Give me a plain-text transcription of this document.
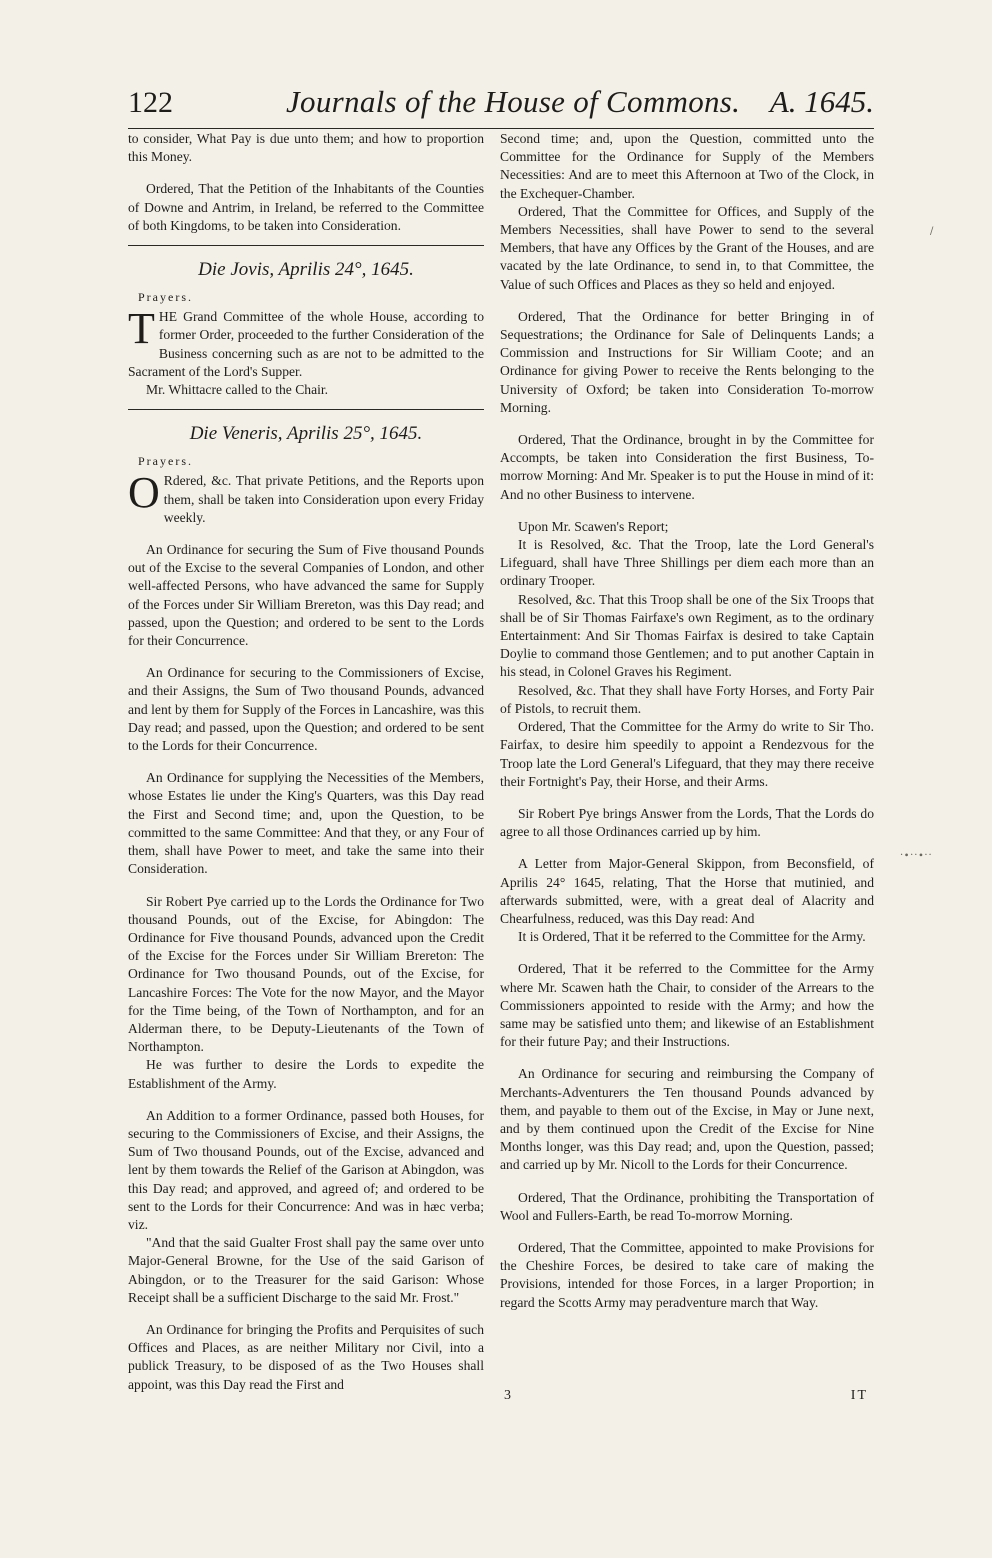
122	Journals of the House of Commons. A. 1645.

to consider, What Pay is due unto them; and how to proportion this Money.

Ordered, That the Petition of the Inhabitants of the Counties of Downe and Antrim, in Ireland, be referred to the Committee of both Kingdoms, to be taken into Consideration.

Die Jovis, Aprilis 24°, 1645.
Prayers.

THE Grand Committee of the whole House, according to former Order, proceeded to the further Consideration of the Business concerning such as are not to be admitted to the Sacrament of the Lord's Supper.

Mr. Whittacre called to the Chair.

Die Veneris, Aprilis 25°, 1645.
Prayers.

O Rdered, &c. That private Petitions, and the Reports upon them, shall be taken into Consideration upon every Friday weekly.

An Ordinance for securing the Sum of Five thousand Pounds out of the Excise to the several Companies of London, and other well-affected Persons, who have advanced the same for Supply of the Forces under Sir William Brereton, was this Day read; and passed, upon the Question; and ordered to be sent to the Lords for their Concurrence.

An Ordinance for securing to the Commissioners of Excise, and their Assigns, the Sum of Two thousand Pounds, advanced and lent by them for Supply of the Forces in Lancashire, was this Day read; and passed, upon the Question; and ordered to be sent to the Lords for their Concurrence.

An Ordinance for supplying the Necessities of the Members, whose Estates lie under the King's Quarters, was this Day read the First and Second time; and, upon the Question, to be committed to the same Committee: And that they, or any Four of them, shall have Power to meet, and take the same into their Consideration.

Sir Robert Pye carried up to the Lords the Ordinance for Two thousand Pounds, out of the Excise, for Abingdon: The Ordinance for Five thousand Pounds, advanced upon the Credit of the Excise for the Forces under Sir William Brereton: The Ordinance for Two thousand Pounds, out of the Excise, for Lancashire Forces: The Vote for the now Mayor, and the Mayor for the Time being, of the Town of Northampton, and for an Alderman there, to be Deputy-Lieutenants of the Town of Northampton.

He was further to desire the Lords to expedite the Establishment of the Army.

An Addition to a former Ordinance, passed both Houses, for securing to the Commissioners of Excise, and their Assigns, the Sum of Two thousand Pounds, out of the Excise, advanced and lent by them towards the Relief of the Garison at Abingdon, was this Day read; and approved, and agreed of; and ordered to be sent to the Lords for their Concurrence: And was in hæc verba; viz.

"And that the said Gualter Frost shall pay the same over unto Major-General Browne, for the Use of the said Garison of Abingdon, or to the Treasurer for the said Garison: Whose Receipt shall be a sufficient Discharge to the said Mr. Frost."

An Ordinance for bringing the Profits and Perquisites of such Offices and Places, as are neither Military nor Civil, into a publick Treasury, to be disposed of as the Two Houses shall appoint, was this Day read the First and

Second time; and, upon the Question, committed unto the Committee for the Ordinance for Supply of the Members Necessities: And are to meet this Afternoon at Two of the Clock, in the Exchequer-Chamber.

Ordered, That the Committee for Offices, and Supply of the Members Necessities, shall have Power to send to the several Members, that have any Offices by the Grant of the Houses, and are vacated by the late Ordinance, to send in, to that Committee, the Value of such Offices and Places as they so held and enjoyed.

Ordered, That the Ordinance for better Bringing in of Sequestrations; the Ordinance for Sale of Delinquents Lands; a Commission and Instructions for Sir William Coote; and an Ordinance for giving Power to receive the Rents belonging to the University of Oxford; be taken into Consideration To-morrow Morning.

Ordered, That the Ordinance, brought in by the Committee for Accompts, be taken into Consideration the first Business, To-morrow Morning: And Mr. Speaker is to put the House in mind of it: And no other Business to intervene.

Upon Mr. Scawen's Report;

It is Resolved, &c. That the Troop, late the Lord General's Lifeguard, shall have Three Shillings per diem each more than an ordinary Trooper.

Resolved, &c. That this Troop shall be one of the Six Troops that shall be of Sir Thomas Fairfaxe's own Regiment, as to the ordinary Entertainment: And Sir Thomas Fairfax is desired to take Captain Doylie to command those Gentlemen; and to put another Captain in his stead, in Colonel Graves his Regiment.

Resolved, &c. That they shall have Forty Horses, and Forty Pair of Pistols, to recruit them.

Ordered, That the Committee for the Army do write to Sir Tho. Fairfax, to desire him speedily to appoint a Rendezvous for the Troop late the Lord General's Lifeguard, that they may there receive their Fortnight's Pay, their Horse, and their Arms.

Sir Robert Pye brings Answer from the Lords, That the Lords do agree to all those Ordinances carried up by him.

A Letter from Major-General Skippon, from Beconsfield, of Aprilis 24° 1645, relating, That the Horse that mutinied, and afterwards submitted, were, with a great deal of Alacrity and Chearfulness, reduced, was this Day read: And

It is Ordered, That it be referred to the Committee for the Army.

Ordered, That it be referred to the Committee for the Army where Mr. Scawen hath the Chair, to consider of the Arrears to the Commissioners appointed to reside with the Army; and how the same may be satisfied unto them; and likewise of an Establishment for their future Pay; and their Instructions.

An Ordinance for securing and reimbursing the Company of Merchants-Adventurers the Ten thousand Pounds advanced by them, and payable to them out of the Excise, in May or June next, and by them continued upon the Credit of the Excise for Nine Months longer, was this Day read; and, upon the Question, passed; and carried up by Mr. Nicoll to the Lords for their Concurrence.

Ordered, That the Ordinance, prohibiting the Transportation of Wool and Fullers-Earth, be read To-morrow Morning.

Ordered, That the Committee, appointed to make Provisions for the Cheshire Forces, be desired to take care of making the Provisions, intended for those Forces, in a larger Proportion; in regard the Scotts Army may peradventure march that Way.

3	IT
/
·∙··∙··
